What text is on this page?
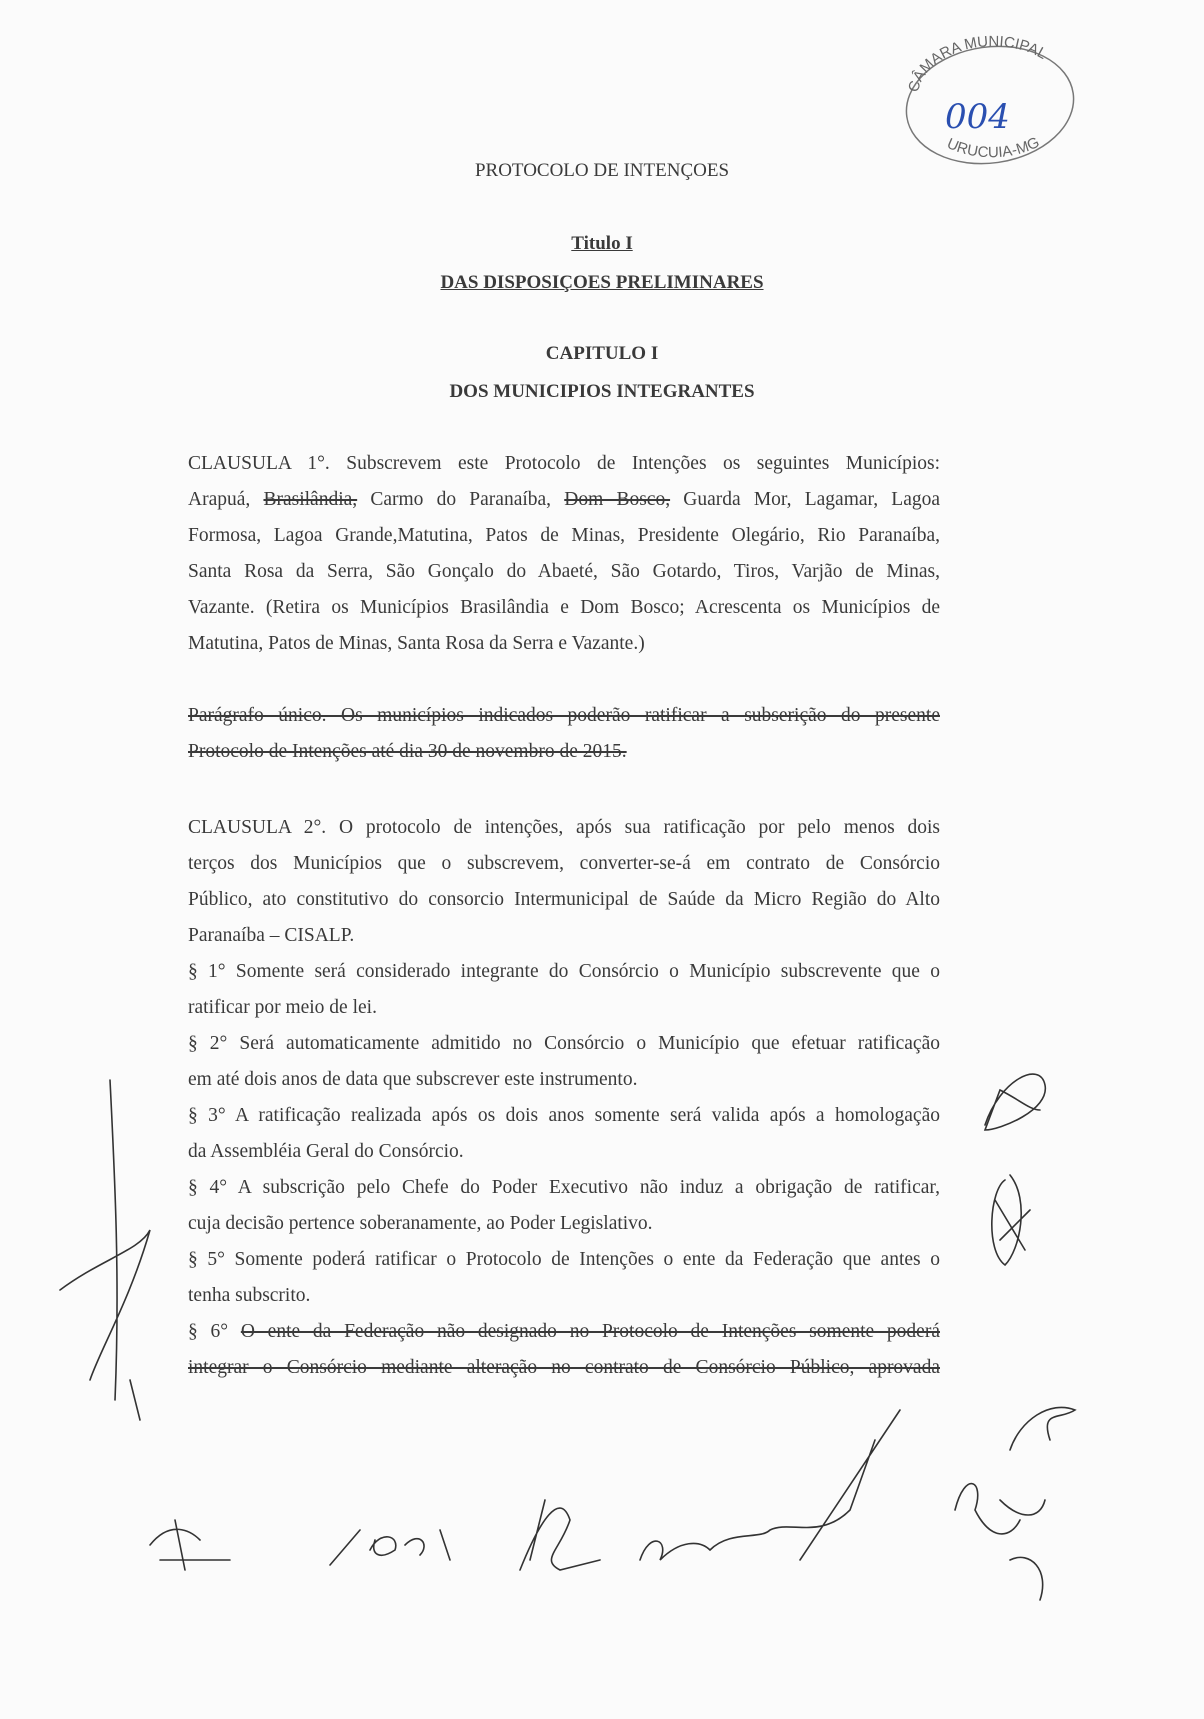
PROTOCOLO DE INTENÇOES
Titulo I
DAS DISPOSIÇOES PRELIMINARES
CAPITULO I
DOS MUNICIPIOS INTEGRANTES
CLAUSULA 1°. Subscrevem este Protocolo de Intenções os seguintes Municípios:
Arapuá, Brasilândia, Carmo do Paranaíba, Dom Bosco, Guarda Mor, Lagamar, Lagoa
Formosa, Lagoa Grande,Matutina, Patos de Minas, Presidente Olegário, Rio Paranaíba,
Santa Rosa da Serra, São Gonçalo do Abaeté, São Gotardo, Tiros, Varjão de Minas,
Vazante. (Retira os Municípios Brasilândia e Dom Bosco; Acrescenta os Municípios de
Matutina, Patos de Minas, Santa Rosa da Serra e Vazante.)
Parágrafo único. Os municípios indicados poderão ratificar a subserição do presente
Protocolo de Intenções até dia 30 de novembro de 2015.
CLAUSULA 2°. O protocolo de intenções, após sua ratificação por pelo menos dois
terços dos Municípios que o subscrevem, converter-se-á em contrato de Consórcio
Público, ato constitutivo do consorcio Intermunicipal de Saúde da Micro Região do Alto
Paranaíba – CISALP.
§ 1° Somente será considerado integrante do Consórcio o Município subscrevente que o
ratificar por meio de lei.
§ 2° Será automaticamente admitido no Consórcio o Município que efetuar ratificação
em até dois anos de data que subscrever este instrumento.
§ 3° A ratificação realizada após os dois anos somente será valida após a homologação
da Assembléia Geral do Consórcio.
§ 4° A subscrição pelo Chefe do Poder Executivo não induz a obrigação de ratificar,
cuja decisão pertence soberanamente, ao Poder Legislativo.
§ 5° Somente poderá ratificar o Protocolo de Intenções o ente da Federação que antes o
tenha subscrito.
§ 6° O ente da Federação não designado no Protocolo de Intenções somente poderá
integrar o Consórcio mediante alteração no contrato de Consórcio Público, aprovada
CÂMARA MUNICIPAL
URUCUIA-MG
004
